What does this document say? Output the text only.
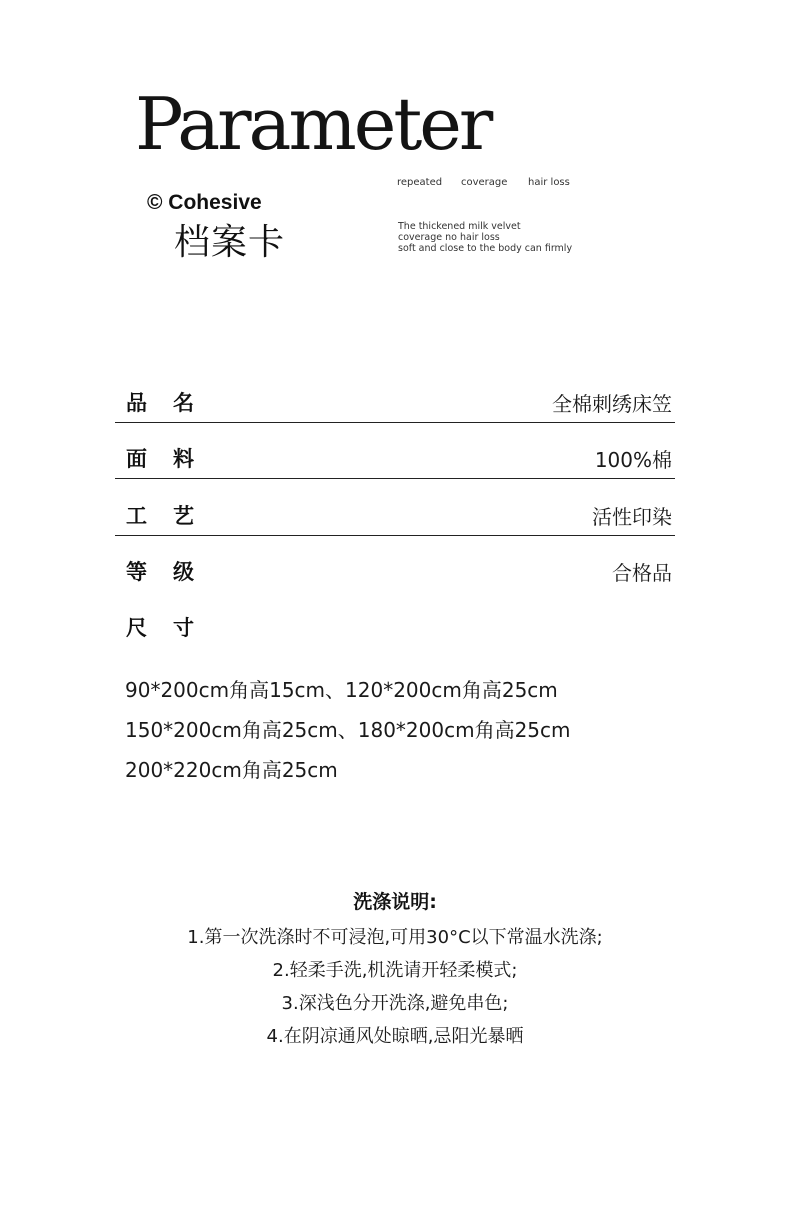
Parameter
repeated coverage hair loss
© Cohesive
档案卡	The thickened milk velvet
coverage no hair loss
soft and close to the body can firmly
品名	全棉刺绣床笠
面料	100%棉
工艺	活性印染
等级	合格品
尺寸
90*200cm角高15cm、120*200cm角高25cm
150*200cm角高25cm、180*200cm角高25cm
200*220cm角高25cm
洗涤说明:
1.第一次洗涤时不可浸泡,可用30°C以下常温水洗涤;
2.轻柔手洗,机洗请开轻柔模式;
3.深浅色分开洗涤,避免串色;
4.在阴凉通风处晾晒,忌阳光暴晒
